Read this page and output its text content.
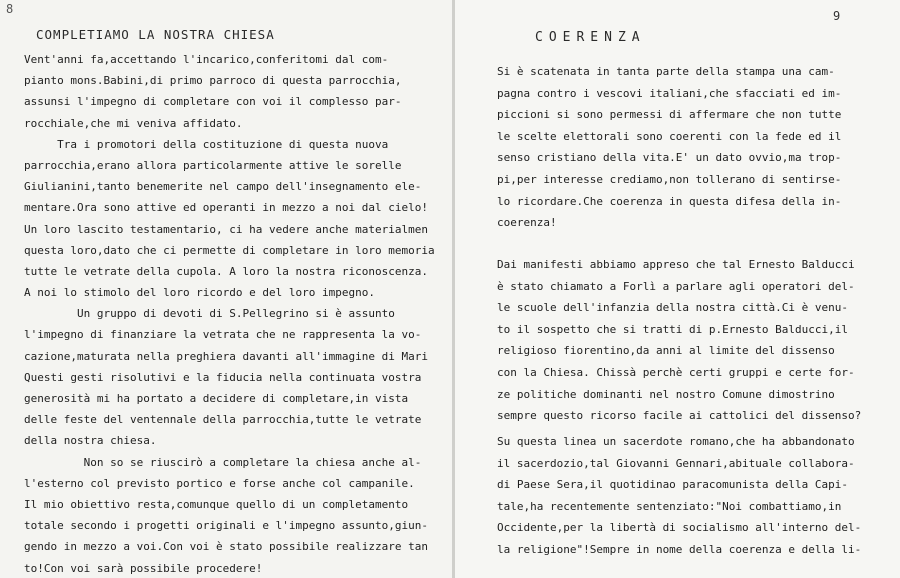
8
COMPLETIAMO LA NOSTRA CHIESA
Vent'anni fa,accettando l'incarico,conferitomi dal com-
pianto mons.Babini,di primo parroco di questa parrocchia,
assunsi l'impegno di completare con voi il complesso par-
rocchiale,che mi veniva affidato.
Tra i promotori della costituzione di questa nuova
parrocchia,erano allora particolarmente attive le sorelle
Giulianini,tanto benemerite nel campo dell'insegnamento ele-
mentare.Ora sono attive ed operanti in mezzo a noi dal cielo!
Un loro lascito testamentario, ci ha vedere anche materialmen
questa loro,dato che ci permette di completare in loro memoria
tutte le vetrate della cupola. A loro la nostra riconoscenza.
A noi lo stimolo del loro ricordo e del loro impegno.
Un gruppo di devoti di S.Pellegrino si è assunto
l'impegno di finanziare la vetrata che ne rappresenta la vo-
cazione,maturata nella preghiera davanti all'immagine di Mari
Questi gesti risolutivi e la fiducia nella continuata vostra
generosità mi ha portato a decidere di completare,in vista
delle feste del ventennale della parrocchia,tutte le vetrate
della nostra chiesa.
Non so se riuscirò a completare la chiesa anche al-
l'esterno col previsto portico e forse anche col campanile.
Il mio obiettivo resta,comunque quello di un completamento
totale secondo i progetti originali e l'impegno assunto,giun-
gendo in mezzo a voi.Con voi è stato possibile realizzare tan
to!Con voi sarà possibile procedere!
9
COERENZA
Si è scatenata in tanta parte della stampa una cam-
pagna contro i vescovi italiani,che sfacciati ed im-
piccioni si sono permessi di affermare che non tutte
le scelte elettorali sono coerenti con la fede ed il
senso cristiano della vita.E' un dato ovvio,ma trop-
pi,per interesse crediamo,non tollerano di sentirse-
lo ricordare.Che coerenza in questa difesa della in-
coerenza!
Dai manifesti abbiamo appreso che tal Ernesto Balducci
è stato chiamato a Forlì a parlare agli operatori del-
le scuole dell'infanzia della nostra città.Ci è venu-
to il sospetto che si tratti di p.Ernesto Balducci,il
religioso fiorentino,da anni al limite del dissenso
con la Chiesa. Chissà perchè certi gruppi e certe for-
ze politiche dominanti nel nostro Comune dimostrino
sempre questo ricorso facile ai cattolici del dissenso?
Su questa linea un sacerdote romano,che ha abbandonato
il sacerdozio,tal Giovanni Gennari,abituale collabora-
di Paese Sera,il quotidinao paracomunista della Capi-
tale,ha recentemente sentenziato:"Noi combattiamo,in
Occidente,per la libertà di socialismo all'interno del-
la religione"!Sempre in nome della coerenza e della li-
